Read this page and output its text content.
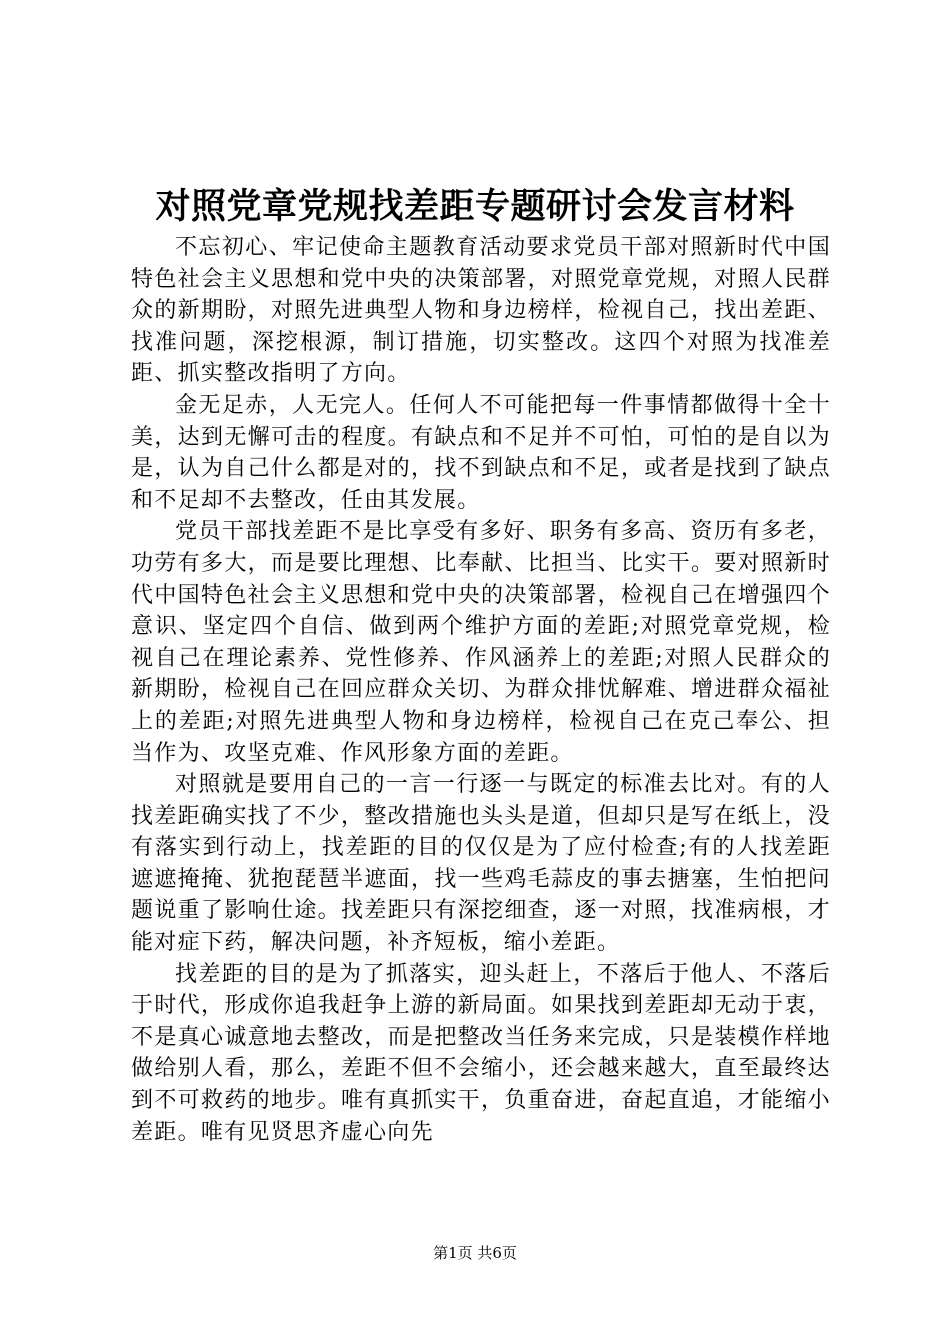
对照党章党规找差距专题研讨会发言材料

不忘初心、牢记使命主题教育活动要求党员干部对照新时代中国特色社会主义思想和党中央的决策部署，对照党章党规，对照人民群众的新期盼，对照先进典型人物和身边榜样，检视自己，找出差距、找准问题，深挖根源，制订措施，切实整改。这四个对照为找准差距、抓实整改指明了方向。

金无足赤，人无完人。任何人不可能把每一件事情都做得十全十美，达到无懈可击的程度。有缺点和不足并不可怕，可怕的是自以为是，认为自己什么都是对的，找不到缺点和不足，或者是找到了缺点和不足却不去整改，任由其发展。

党员干部找差距不是比享受有多好、职务有多高、资历有多老，功劳有多大，而是要比理想、比奉献、比担当、比实干。要对照新时代中国特色社会主义思想和党中央的决策部署，检视自己在增强四个意识、坚定四个自信、做到两个维护方面的差距;对照党章党规，检视自己在理论素养、党性修养、作风涵养上的差距;对照人民群众的新期盼，检视自己在回应群众关切、为群众排忧解难、增进群众福祉上的差距;对照先进典型人物和身边榜样，检视自己在克己奉公、担当作为、攻坚克难、作风形象方面的差距。

对照就是要用自己的一言一行逐一与既定的标准去比对。有的人找差距确实找了不少，整改措施也头头是道，但却只是写在纸上，没有落实到行动上，找差距的目的仅仅是为了应付检查;有的人找差距遮遮掩掩、犹抱琵琶半遮面，找一些鸡毛蒜皮的事去搪塞，生怕把问题说重了影响仕途。找差距只有深挖细查，逐一对照，找准病根，才能对症下药，解决问题，补齐短板，缩小差距。

找差距的目的是为了抓落实，迎头赶上，不落后于他人、不落后于时代，形成你追我赶争上游的新局面。如果找到差距却无动于衷，不是真心诚意地去整改，而是把整改当任务来完成，只是装模作样地做给别人看，那么，差距不但不会缩小，还会越来越大，直至最终达到不可救药的地步。唯有真抓实干，负重奋进，奋起直追，才能缩小差距。唯有见贤思齐虚心向先

第1页 共6页
